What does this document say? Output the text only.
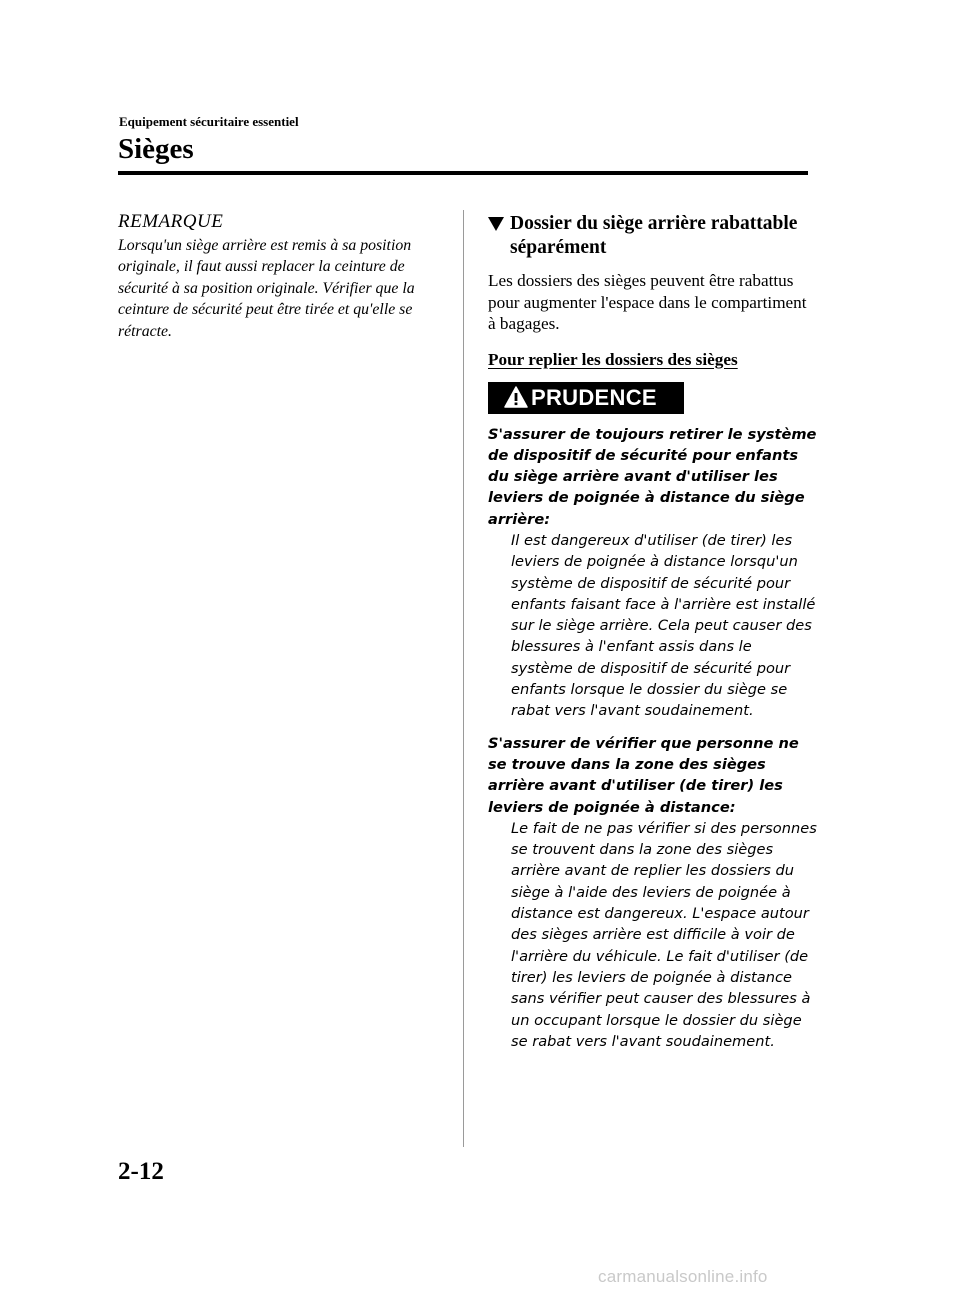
Equipement sécuritaire essentiel
Sièges
REMARQUE
Lorsqu'un siège arrière est remis à sa position originale, il faut aussi replacer la ceinture de sécurité à sa position originale. Vérifier que la ceinture de sécurité peut être tirée et qu'elle se rétracte.
Dossier du siège arrière rabattable séparément
Les dossiers des sièges peuvent être rabattus pour augmenter l'espace dans le compartiment à bagages.
Pour replier les dossiers des sièges
PRUDENCE
S'assurer de toujours retirer le système de dispositif de sécurité pour enfants du siège arrière avant d'utiliser les leviers de poignée à distance du siège arrière:
Il est dangereux d'utiliser (de tirer) les leviers de poignée à distance lorsqu'un système de dispositif de sécurité pour enfants faisant face à l'arrière est installé sur le siège arrière. Cela peut causer des blessures à l'enfant assis dans le système de dispositif de sécurité pour enfants lorsque le dossier du siège se rabat vers l'avant soudainement.
S'assurer de vérifier que personne ne se trouve dans la zone des sièges arrière avant d'utiliser (de tirer) les leviers de poignée à distance:
Le fait de ne pas vérifier si des personnes se trouvent dans la zone des sièges arrière avant de replier les dossiers du siège à l'aide des leviers de poignée à distance est dangereux. L'espace autour des sièges arrière est difficile à voir de l'arrière du véhicule. Le fait d'utiliser (de tirer) les leviers de poignée à distance sans vérifier peut causer des blessures à un occupant lorsque le dossier du siège se rabat vers l'avant soudainement.
2-12
carmanualsonline.info
